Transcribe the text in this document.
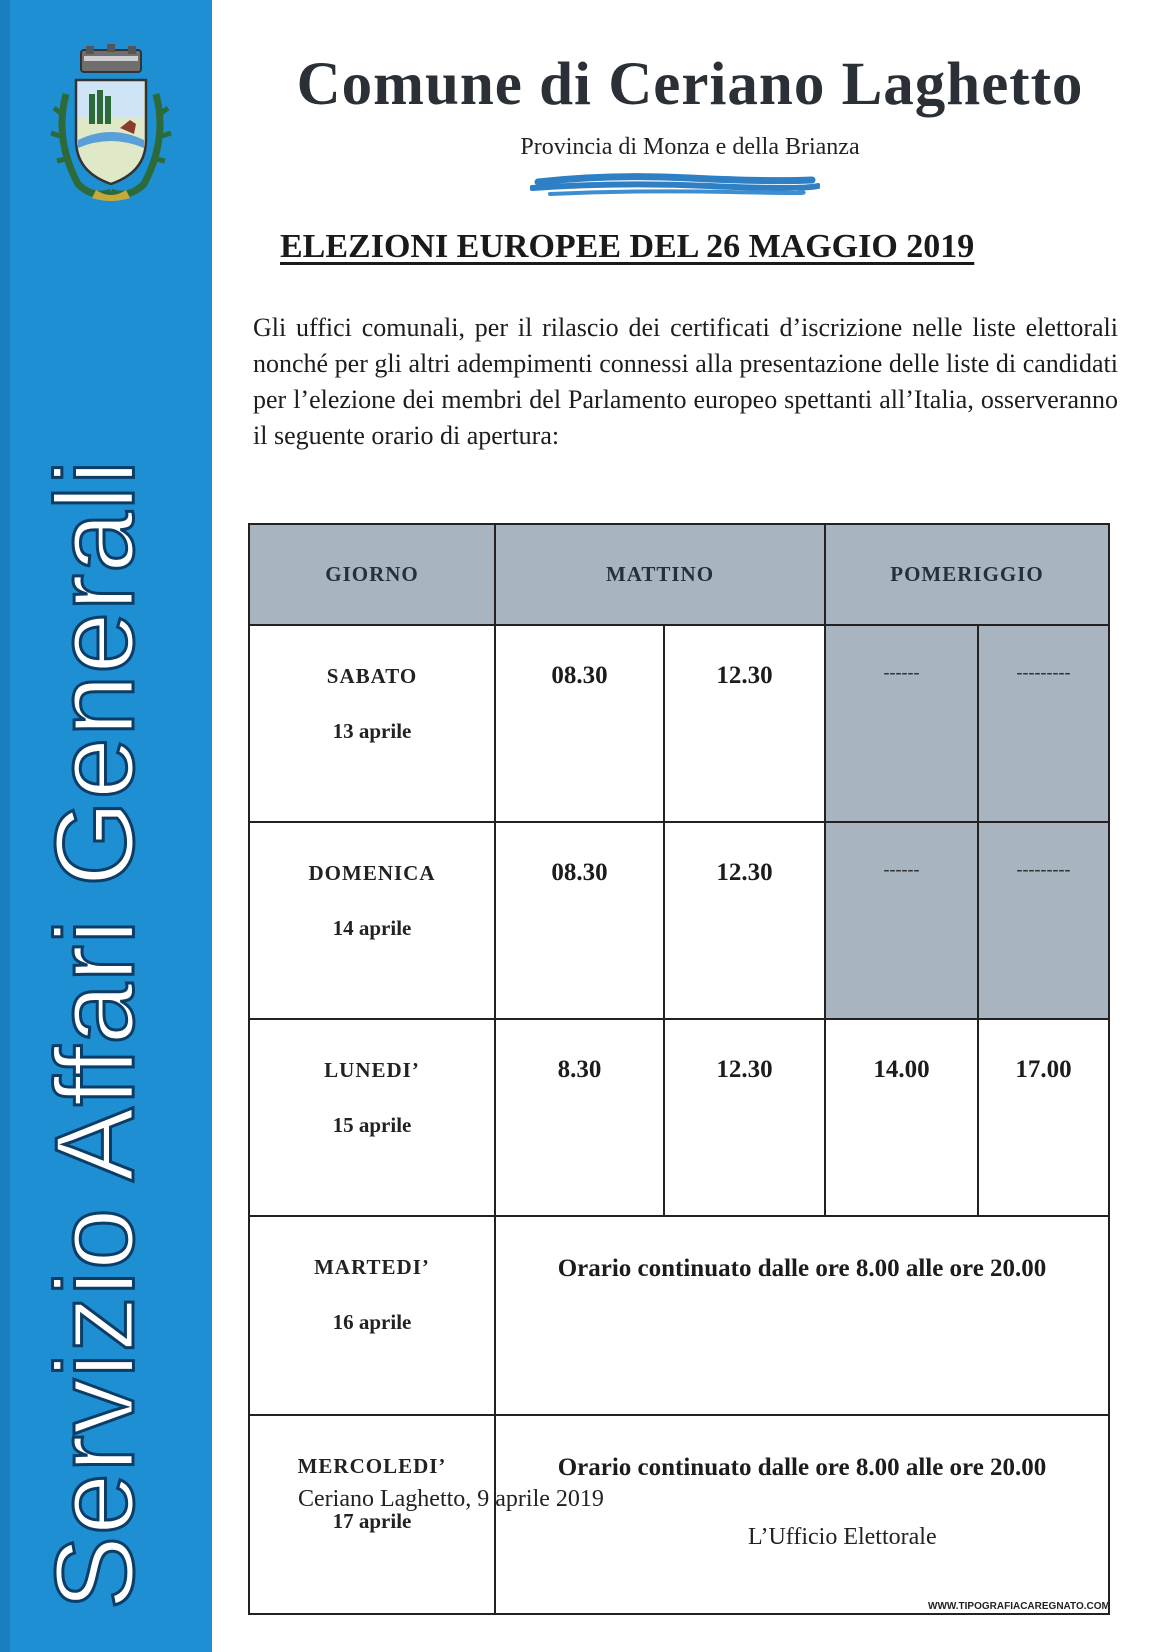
Servizio Affari Generali
Comune di Ceriano Laghetto
Provincia di Monza e della Brianza
ELEZIONI EUROPEE DEL 26 MAGGIO 2019
Gli uffici comunali, per il rilascio dei certificati d’iscrizione nelle liste elettorali nonché per gli altri adempimenti connessi alla presentazione delle liste di candidati per l’elezione dei membri del Parlamento europeo spettanti all’Italia, osserveranno il seguente orario di apertura:
GIORNO	MATTINO		POMERIGGIO	

SABATO
13 aprile	08.30	12.30	------	---------

DOMENICA
14 aprile	08.30	12.30	------	---------

LUNEDI’
15 aprile	8.30	12.30	14.00	17.00

MARTEDI’
16 aprile	Orario continuato dalle ore 8.00 alle ore 20.00			

MERCOLEDI’
17 aprile	Orario continuato dalle ore 8.00 alle ore 20.00			
Ceriano Laghetto, 9 aprile 2019
L’Ufficio Elettorale
WWW.TIPOGRAFIACAREGNATO.COM
